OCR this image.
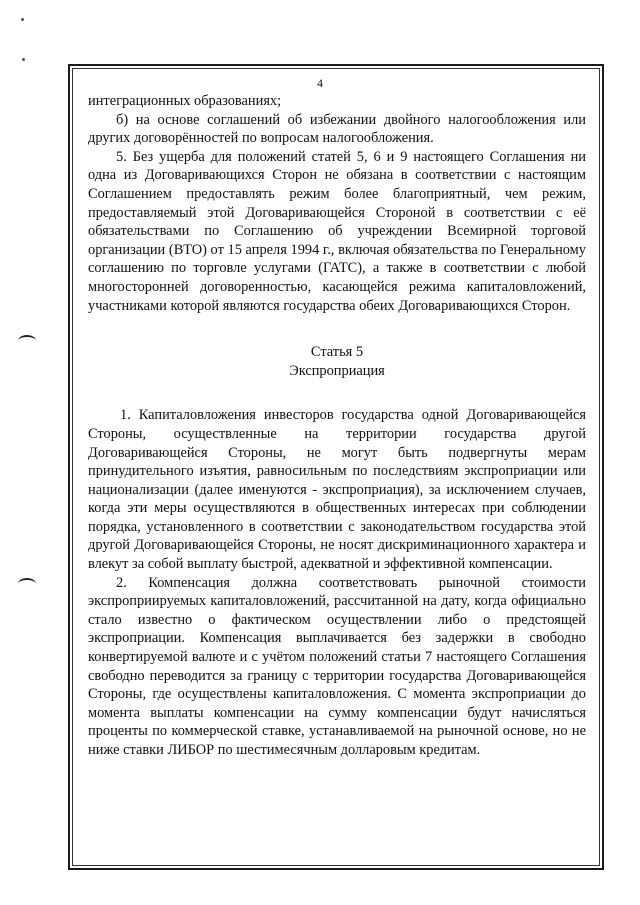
4

интеграционных образованиях;

б) на основе соглашений об избежании двойного налогообложения или других договорённостей по вопросам налогообложения.

5. Без ущерба для положений статей 5, 6 и 9 настоящего Соглашения ни одна из Договаривающихся Сторон не обязана в соответствии с настоящим Соглашением предоставлять режим более благоприятный, чем режим, предоставляемый этой Договаривающейся Стороной в соответствии с её обязательствами по Соглашению об учреждении Всемирной торговой организации (ВТО) от 15 апреля 1994 г., включая обязательства по Генеральному соглашению по торговле услугами (ГАТС), а также в соответствии с любой многосторонней договоренностью, касающейся режима капиталовложений, участниками которой являются государства обеих Договаривающихся Сторон.

Статья 5

Экспроприация

1. Капиталовложения инвесторов государства одной Договаривающейся Стороны, осуществленные на территории государства другой Договаривающейся Стороны, не могут быть подвергнуты мерам принудительного изъятия, равносильным по последствиям экспроприации или национализации (далее именуются - экспроприация), за исключением случаев, когда эти меры осуществляются в общественных интересах при соблюдении порядка, установленного в соответствии с законодательством государства этой другой Договаривающейся Стороны, не носят дискриминационного характера и влекут за собой выплату быстрой, адекватной и эффективной компенсации.

2. Компенсация должна соответствовать рыночной стоимости экспроприируемых капиталовложений, рассчитанной на дату, когда официально стало известно о фактическом осуществлении либо о предстоящей экспроприации. Компенсация выплачивается без задержки в свободно конвертируемой валюте и с учётом положений статьи 7 настоящего Соглашения свободно переводится за границу с территории государства Договаривающейся Стороны, где осуществлены капиталовложения. С момента экспроприации до момента выплаты компенсации на сумму компенсации будут начисляться проценты по коммерческой ставке, устанавливаемой на рыночной основе, но не ниже ставки ЛИБОР по шестимесячным долларовым кредитам.
